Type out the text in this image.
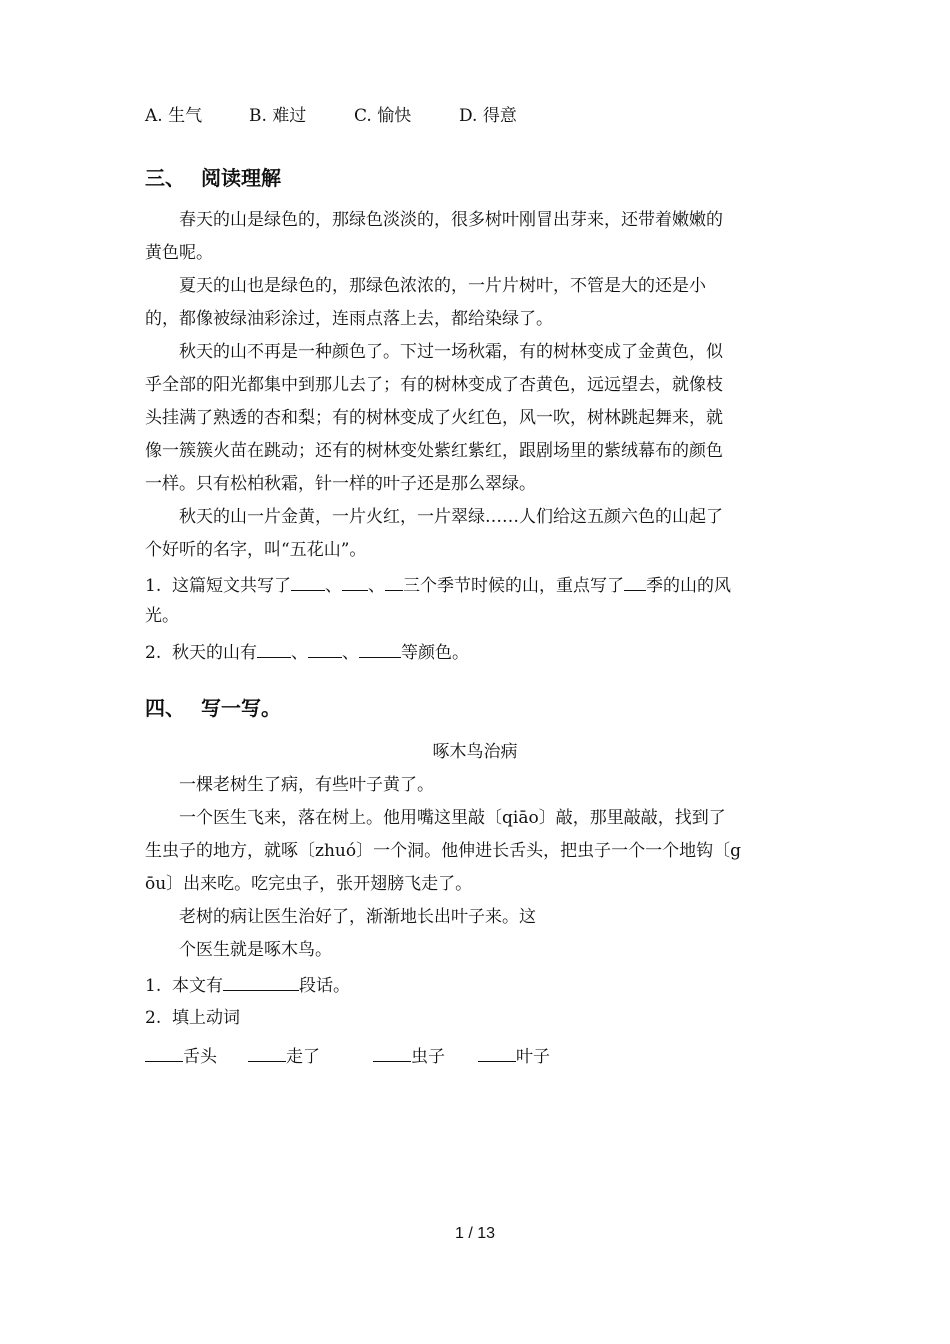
A. 生气	B. 难过	C. 愉快	D. 得意
三、 阅读理解
春天的山是绿色的，那绿色淡淡的，很多树叶刚冒出芽来，还带着嫩嫩的
黄色呢。
夏天的山也是绿色的，那绿色浓浓的，一片片树叶，不管是大的还是小
的，都像被绿油彩涂过，连雨点落上去，都给染绿了。
秋天的山不再是一种颜色了。下过一场秋霜，有的树林变成了金黄色，似
乎全部的阳光都集中到那儿去了；有的树林变成了杏黄色，远远望去，就像枝
头挂满了熟透的杏和梨；有的树林变成了火红色，风一吹，树林跳起舞来，就
像一簇簇火苗在跳动；还有的树林变处紫红紫红，跟剧场里的紫绒幕布的颜色
一样。只有松柏秋霜，针一样的叶子还是那么翠绿。
秋天的山一片金黄，一片火红，一片翠绿……人们给这五颜六色的山起了
个好听的名字，叫“五花山”。
1. 这篇短文共写了 、 、 三个季节时候的山，重点写了 季的山的风
光。
2. 秋天的山有 、 、 等颜色。
四、 写一写。
啄木鸟治病
一棵老树生了病，有些叶子黄了。
一个医生飞来，落在树上。他用嘴这里敲〔qiāo〕敲，那里敲敲，找到了
生虫子的地方，就啄〔zhuó〕一个洞。他伸进长舌头，把虫子一个一个地钩〔g
ōu〕出来吃。吃完虫子，张开翅膀飞走了。
老树的病让医生治好了，渐渐地长出叶子来。这
个医生就是啄木鸟。
1. 本文有	段话。
2. 填上动词
舌头	走了	虫子	叶子
1 / 13
